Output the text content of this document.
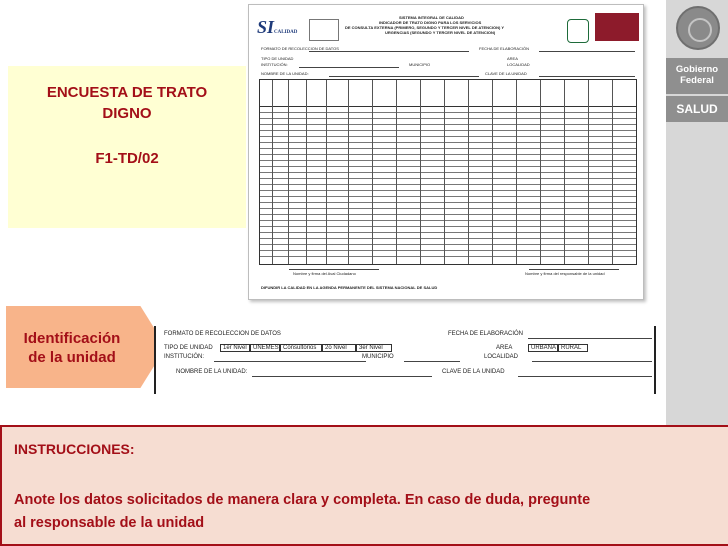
Gobierno
Federal
SALUD
ENCUESTA DE TRATO
DIGNO
F1-TD/02
SICALIDAD
SISTEMA INTEGRAL DE CALIDAD
INDICADOR DE TRATO DIGNO PARA LOS SERVICIOS
DE CONSULTA EXTERNA (PRIMERO, SEGUNDO Y TERCER NIVEL DE ATENCION) Y
URGENCIAS (SEGUNDO Y TERCER NIVEL DE ATENCION)
FORMATO DE RECOLECCION DE DATOS	FECHA DE ELABORACIÓN
TIPO DE UNIDAD
INSTITUCIÓN:	MUNICIPIO
AREA
LOCALIDAD
NOMBRE DE LA UNIDAD:	CLAVE DE LA UNIDAD
Nombre y firma del Aval Ciudadano	Nombre y firma del responsable de la unidad
DIFUNDIR LA CALIDAD EN LA AGENDA PERMANENTE DEL SISTEMA NACIONAL DE SALUD
Identificación
de la unidad
FORMATO DE RECOLECCION DE DATOS	FECHA DE ELABORACIÓN
TIPO DE UNIDAD 1er Nivel UNEMES Consultorios 2o Nivel 3er Nivel	AREA	URBANA RURAL
INSTITUCIÓN:	MUNICIPIO	LOCALIDAD
NOMBRE DE LA UNIDAD:	CLAVE DE LA UNIDAD
INSTRUCCIONES:
Anote los datos solicitados de manera clara y completa. En caso de duda, pregunte
al responsable de la unidad
